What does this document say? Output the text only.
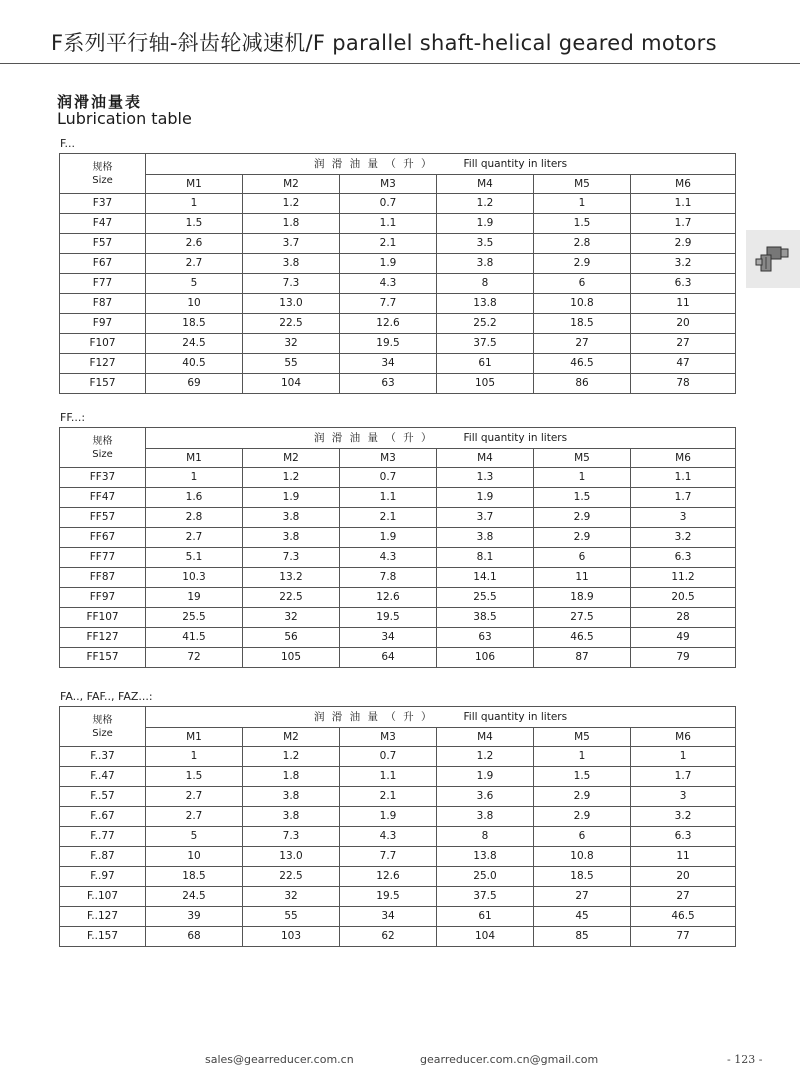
F系列平行轴-斜齿轮减速机/F parallel shaft-helical geared motors
润滑油量表
Lubrication table
F...
规格
Size	润 滑 油 量 （ 升 ） Fill quantity in liters					
	M1	M2	M3	M4	M5	M6
F37	1	1.2	0.7	1.2	1	1.1
F47	1.5	1.8	1.1	1.9	1.5	1.7
F57	2.6	3.7	2.1	3.5	2.8	2.9
F67	2.7	3.8	1.9	3.8	2.9	3.2
F77	5	7.3	4.3	8	6	6.3
F87	10	13.0	7.7	13.8	10.8	11
F97	18.5	22.5	12.6	25.2	18.5	20
F107	24.5	32	19.5	37.5	27	27
F127	40.5	55	34	61	46.5	47
F157	69	104	63	105	86	78
FF...:
规格
Size	润 滑 油 量 （ 升 ） Fill quantity in liters					
	M1	M2	M3	M4	M5	M6
FF37	1	1.2	0.7	1.3	1	1.1
FF47	1.6	1.9	1.1	1.9	1.5	1.7
FF57	2.8	3.8	2.1	3.7	2.9	3
FF67	2.7	3.8	1.9	3.8	2.9	3.2
FF77	5.1	7.3	4.3	8.1	6	6.3
FF87	10.3	13.2	7.8	14.1	11	11.2
FF97	19	22.5	12.6	25.5	18.9	20.5
FF107	25.5	32	19.5	38.5	27.5	28
FF127	41.5	56	34	63	46.5	49
FF157	72	105	64	106	87	79
FA.., FAF.., FAZ...:
规格
Size	润 滑 油 量 （ 升 ） Fill quantity in liters					
	M1	M2	M3	M4	M5	M6
F..37	1	1.2	0.7	1.2	1	1
F..47	1.5	1.8	1.1	1.9	1.5	1.7
F..57	2.7	3.8	2.1	3.6	2.9	3
F..67	2.7	3.8	1.9	3.8	2.9	3.2
F..77	5	7.3	4.3	8	6	6.3
F..87	10	13.0	7.7	13.8	10.8	11
F..97	18.5	22.5	12.6	25.0	18.5	20
F..107	24.5	32	19.5	37.5	27	27
F..127	39	55	34	61	45	46.5
F..157	68	103	62	104	85	77
sales@gearreducer.com.cn	gearreducer.com.cn@gmail.com	- 123 -
